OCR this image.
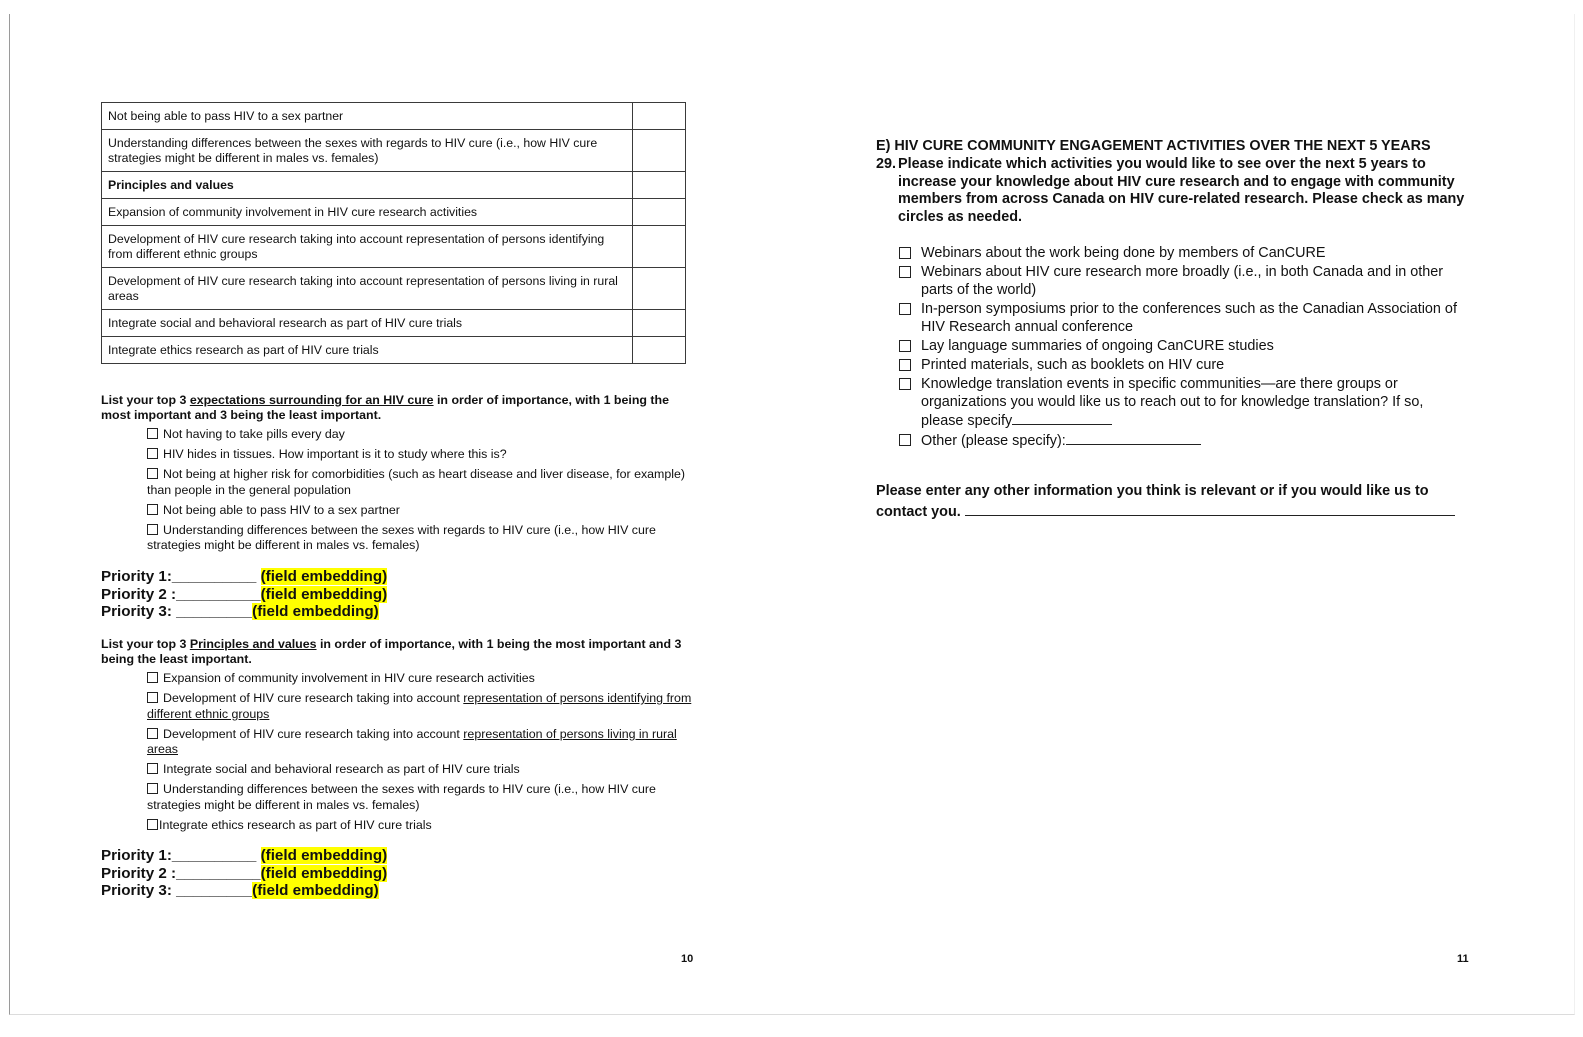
Not being able to pass HIV to a sex partner	
Understanding differences between the sexes with regards to HIV cure (i.e., how HIV cure strategies might be different in males vs. females)	
Principles and values	
Expansion of community involvement in HIV cure research activities	
Development of HIV cure research taking into account representation of persons identifying from different ethnic groups	
Development of HIV cure research taking into account representation of persons living in rural areas	
Integrate social and behavioral research as part of HIV cure trials	
Integrate ethics research as part of HIV cure trials	
List your top 3 expectations surrounding for an HIV cure in order of importance, with 1 being the most important and 3 being the least important.
Not having to take pills every day
HIV hides in tissues. How important is it to study where this is?
Not being at higher risk for comorbidities (such as heart disease and liver disease, for example) than people in the general population
Not being able to pass HIV to a sex partner
Understanding differences between the sexes with regards to HIV cure (i.e., how HIV cure strategies might be different in males vs. females)
Priority 1:__________ (field embedding)
Priority 2 :__________(field embedding)
Priority 3: _________(field embedding)
List your top 3 Principles and values in order of importance, with 1 being the most important and 3 being the least important.
Expansion of community involvement in HIV cure research activities
Development of HIV cure research taking into account representation of persons identifying from different ethnic groups
Development of HIV cure research taking into account representation of persons living in rural areas
Integrate social and behavioral research as part of HIV cure trials
Understanding differences between the sexes with regards to HIV cure (i.e., how HIV cure strategies might be different in males vs. females)
Integrate ethics research as part of HIV cure trials
Priority 1:__________ (field embedding)
Priority 2 :__________(field embedding)
Priority 3: _________(field embedding)
10
E) HIV CURE COMMUNITY ENGAGEMENT ACTIVITIES OVER THE NEXT 5 YEARS
29. Please indicate which activities you would like to see over the next 5 years to increase your knowledge about HIV cure research and to engage with community members from across Canada on HIV cure-related research. Please check as many circles as needed.
Webinars about the work being done by members of CanCURE
Webinars about HIV cure research more broadly (i.e., in both Canada and in other parts of the world)
In-person symposiums prior to the conferences such as the Canadian Association of HIV Research annual conference
Lay language summaries of ongoing CanCURE studies
Printed materials, such as booklets on HIV cure
Knowledge translation events in specific communities—are there groups or organizations you would like us to reach out to for knowledge translation? If so, please specify
Other (please specify):
Please enter any other information you think is relevant or if you would like us to contact you.
11
